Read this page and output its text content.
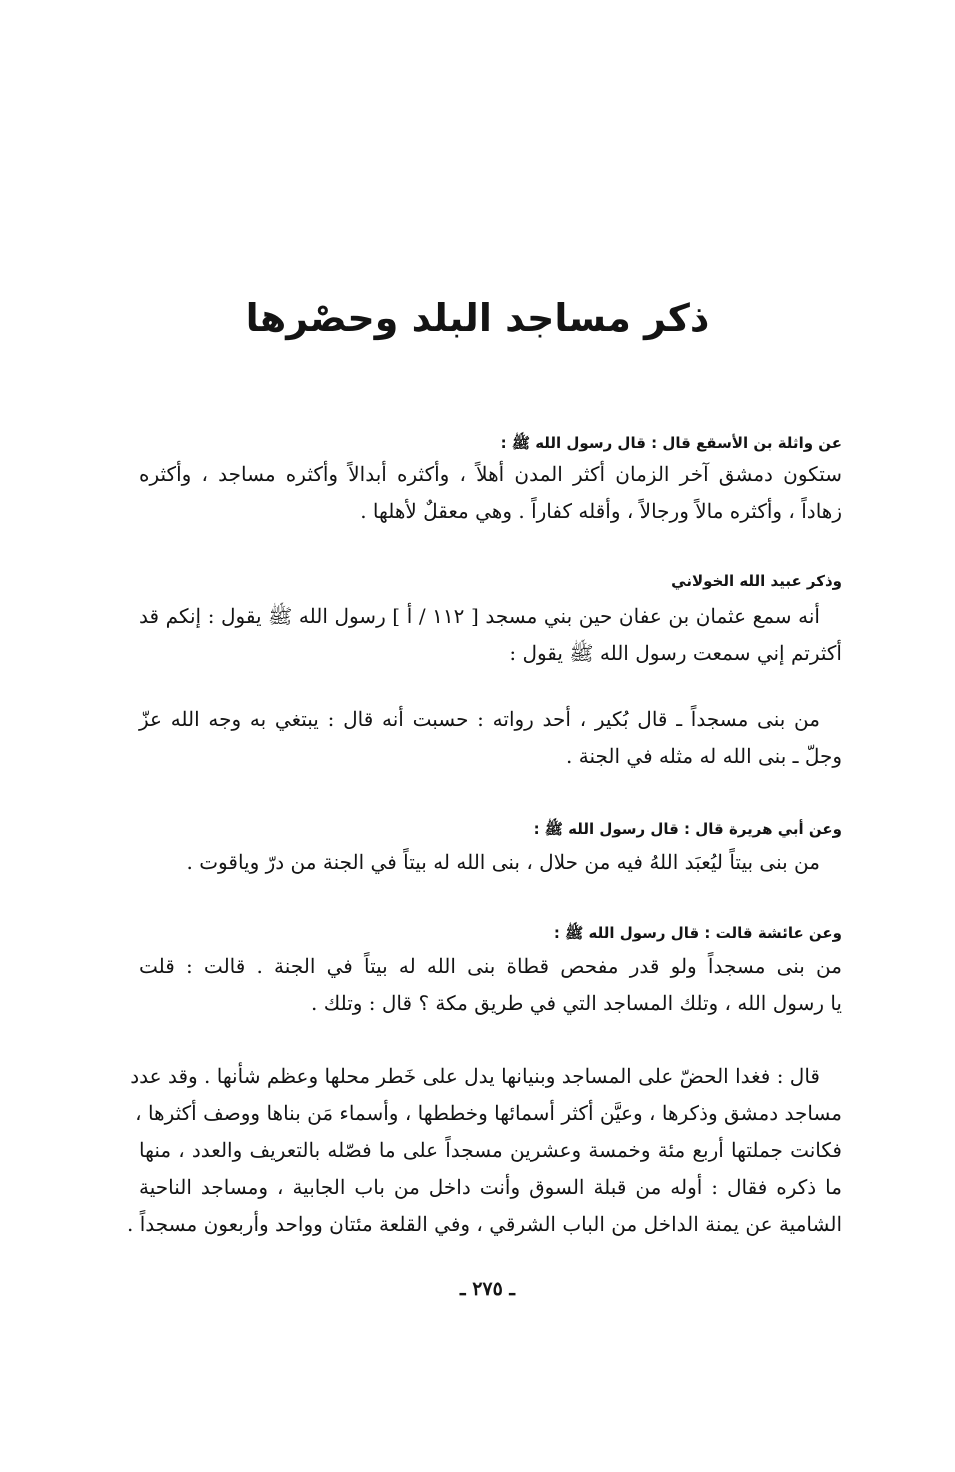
ذكر مساجد البلد وحصْرها
عن واثلة بن الأسقع قال : قال رسول الله ﷺ :
ستكون دمشق آخر الزمان أكثر المدن أهلاً ، وأكثره أبدالاً وأكثره مساجد ، وأكثره
زهاداً ، وأكثره مالاً ورجالاً ، وأقله كفاراً . وهي معقلٌ لأهلها .
وذكر عبيد الله الخولاني
أنه سمع عثمان بن عفان حين بني مسجد [ ١١٢ / أ ] رسول الله ﷺ يقول : إنكم قد
أكثرتم إني سمعت رسول الله ﷺ يقول :
من بنى مسجداً ـ قال بُكير ، أحد رواته : حسبت أنه قال : يبتغي به وجه الله عزّ
وجلّ ـ بنى الله له مثله في الجنة .
وعن أبي هريرة قال : قال رسول الله ﷺ :
من بنى بيتاً ليُعبَد اللهُ فيه من حلال ، بنى الله له بيتاً في الجنة من درّ وياقوت .
وعن عائشة قالت : قال رسول الله ﷺ :
من بنى مسجداً ولو قدر مفحص قطاة بنى الله له بيتاً في الجنة . قالت : قلت
يا رسول الله ، وتلك المساجد التي في طريق مكة ؟ قال : وتلك .
قال : فغدا الحضّ على المساجد وبنيانها يدل على خَطر محلها وعظم شأنها . وقد عدد
مساجد دمشق وذكرها ، وعيَّن أكثر أسمائها وخططها ، وأسماء مَن بناها ووصف أكثرها ،
فكانت جملتها أربع مئة وخمسة وعشرين مسجداً على ما فصّله بالتعريف والعدد ، منها
ما ذكره فقال : أوله من قبلة السوق وأنت داخل من باب الجابية ، ومساجد الناحية
الشامية عن يمنة الداخل من الباب الشرقي ، وفي القلعة مئتان وواحد وأربعون مسجداً .
ـ ٢٧٥ ـ
